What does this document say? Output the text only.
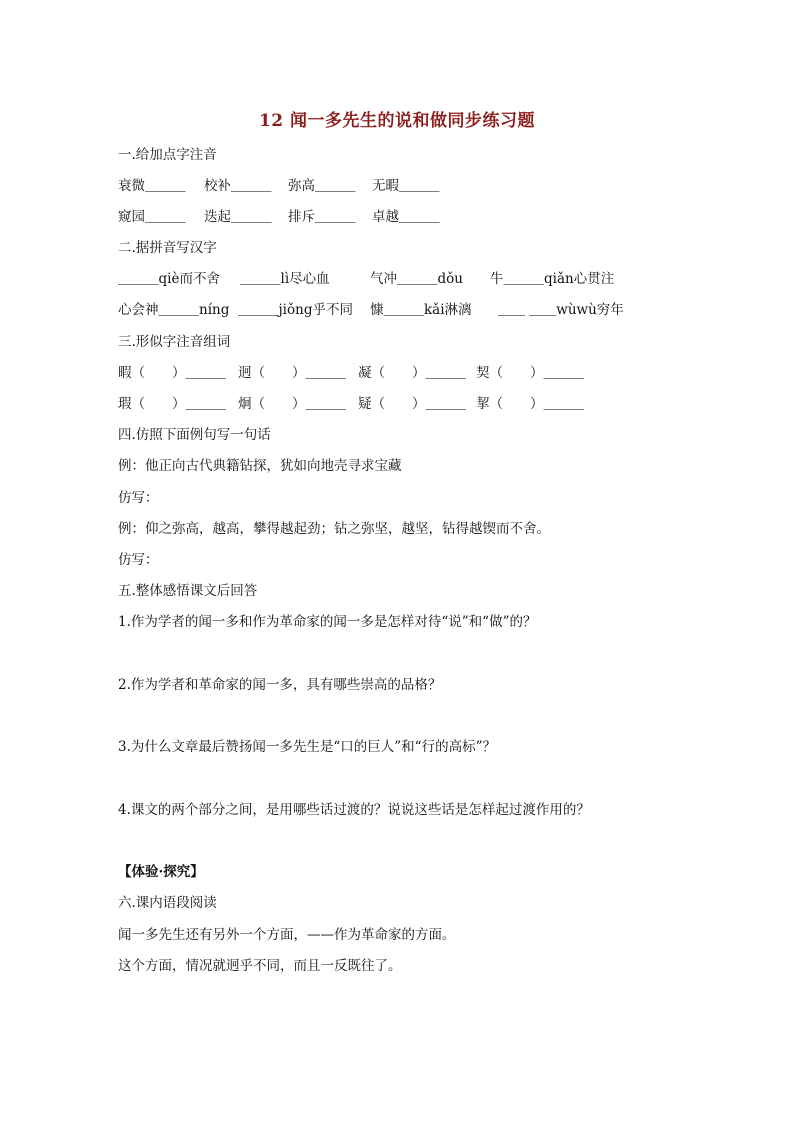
12 闻一多先生的说和做同步练习题
一.给加点字注音
衰微＿＿＿ 校补＿＿＿ 弥高＿＿＿ 无暇＿＿＿
窥园＿＿＿ 迭起＿＿＿ 排斥＿＿＿ 卓越＿＿＿
二.据拼音写汉字
＿＿＿qiè而不舍 ＿＿＿lì尽心血	气冲＿＿＿dǒu 牛＿＿＿qiǎn心贯注
心会神＿＿＿níng ＿＿＿jiǒng乎不同 慷＿＿＿kǎi淋漓 ＿＿ ＿＿wùwù穷年
三.形似字注音组词
暇（　　）＿＿＿ 迥（　　）＿＿＿ 凝（　　）＿＿＿ 契（　　）＿＿＿
瑕（　　）＿＿＿ 炯（　　）＿＿＿ 疑（　　）＿＿＿ 挈（　　）＿＿＿
四.仿照下面例句写一句话
例：他正向古代典籍钻探，犹如向地壳寻求宝藏
仿写：
例：仰之弥高，越高，攀得越起劲；钻之弥坚，越坚，钻得越锲而不舍。
仿写：
五.整体感悟课文后回答
1.作为学者的闻一多和作为革命家的闻一多是怎样对待“说”和“做”的？
2.作为学者和革命家的闻一多，具有哪些崇高的品格？
3.为什么文章最后赞扬闻一多先生是“口的巨人”和“行的高标”？
4.课文的两个部分之间，是用哪些话过渡的？说说这些话是怎样起过渡作用的？
【体验·探究】
六.课内语段阅读
闻一多先生还有另外一个方面，——作为革命家的方面。
这个方面，情况就迥乎不同，而且一反既往了。
